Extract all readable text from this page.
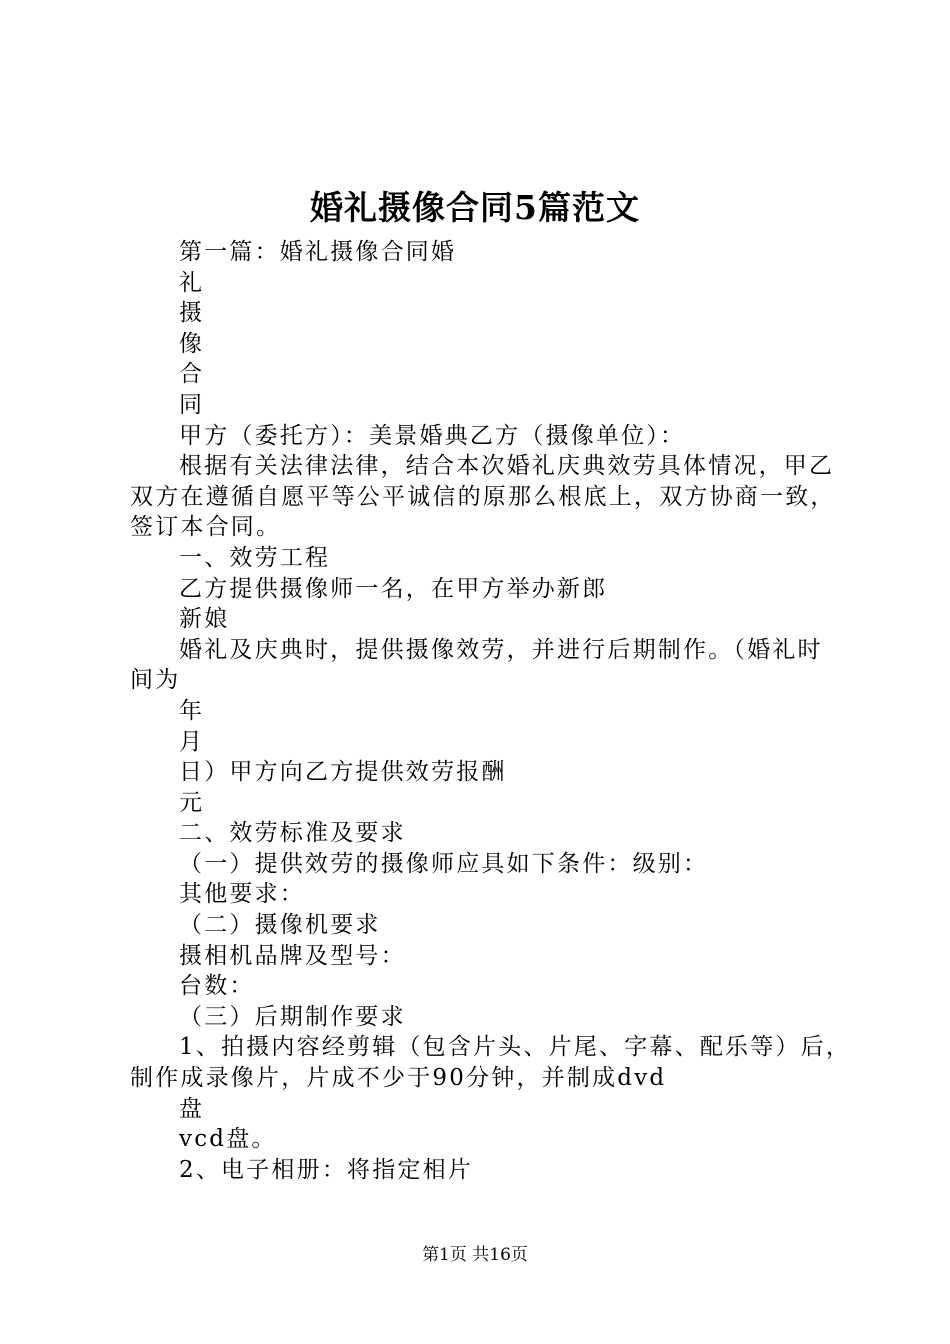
婚礼摄像合同5篇范文
第一篇：婚礼摄像合同婚
礼
摄
像
合
同
甲方（委托方）：美景婚典乙方（摄像单位）：
根据有关法律法律，结合本次婚礼庆典效劳具体情况，甲乙
双方在遵循自愿平等公平诚信的原那么根底上，双方协商一致，
签订本合同。
一、效劳工程
乙方提供摄像师一名，在甲方举办新郎
新娘
婚礼及庆典时，提供摄像效劳，并进行后期制作。（婚礼时
间为
年
月
日）甲方向乙方提供效劳报酬
元
二、效劳标准及要求
（一）提供效劳的摄像师应具如下条件：级别：
其他要求：
（二）摄像机要求
摄相机品牌及型号：
台数：
（三）后期制作要求
1、拍摄内容经剪辑（包含片头、片尾、字幕、配乐等）后，
制作成录像片，片成不少于90分钟，并制成dvd
盘
vcd盘。
2、电子相册：将指定相片
第1页 共16页
